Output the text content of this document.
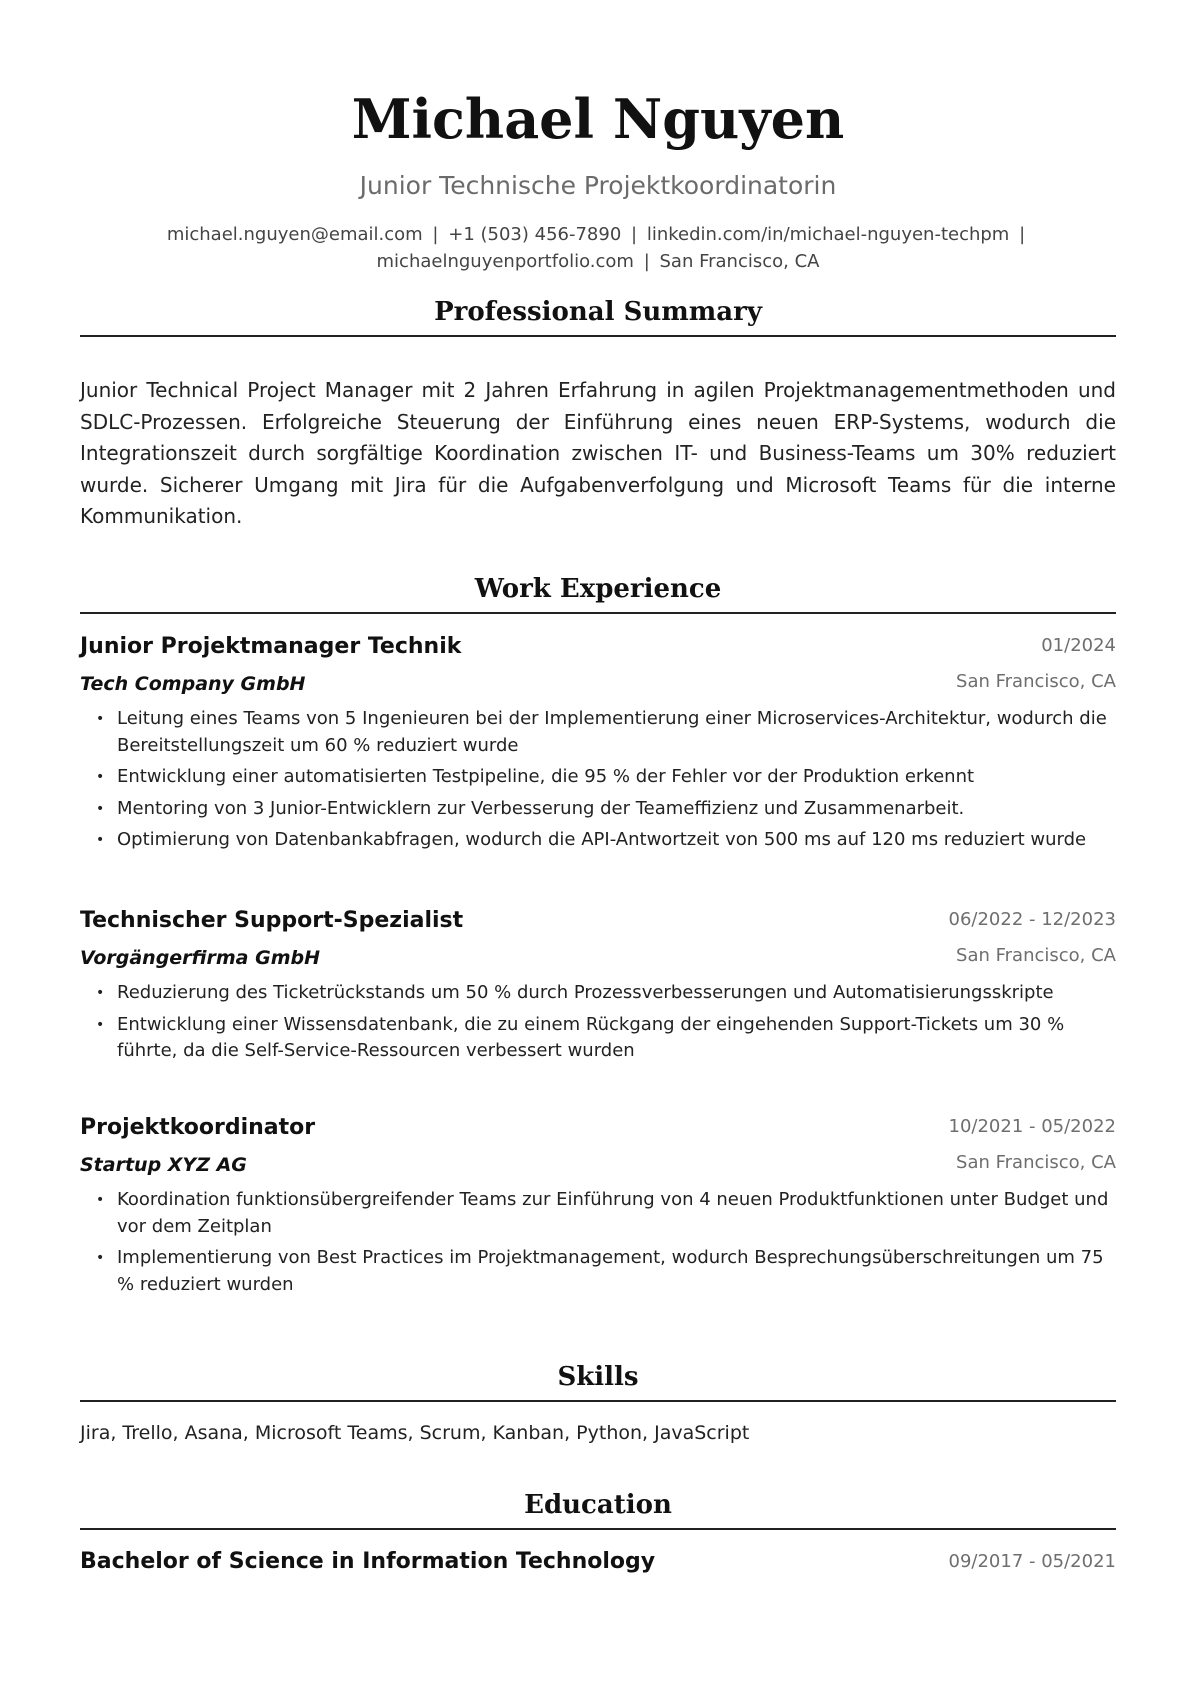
Michael Nguyen
Junior Technische Projektkoordinatorin
michael.nguyen@email.com | +1 (503) 456-7890 | linkedin.com/in/michael-nguyen-techpm |
michaelnguyenportfolio.com | San Francisco, CA
Professional Summary
Junior Technical Project Manager mit 2 Jahren Erfahrung in agilen Projektmanagementmethoden und SDLC-Prozessen. Erfolgreiche Steuerung der Einführung eines neuen ERP-Systems, wodurch die Integrationszeit durch sorgfältige Koordination zwischen IT- und Business-Teams um 30% reduziert wurde. Sicherer Umgang mit Jira für die Aufgabenverfolgung und Microsoft Teams für die interne Kommunikation.
Work Experience
Junior Projektmanager Technik	01/2024
Tech Company GmbH	San Francisco, CA
• Leitung eines Teams von 5 Ingenieuren bei der Implementierung einer Microservices-Architektur, wodurch die Bereitstellungszeit um 60 % reduziert wurde
• Entwicklung einer automatisierten Testpipeline, die 95 % der Fehler vor der Produktion erkennt
• Mentoring von 3 Junior-Entwicklern zur Verbesserung der Teameffizienz und Zusammenarbeit.
• Optimierung von Datenbankabfragen, wodurch die API-Antwortzeit von 500 ms auf 120 ms reduziert wurde
Technischer Support-Spezialist	06/2022 - 12/2023
Vorgängerfirma GmbH	San Francisco, CA
• Reduzierung des Ticketrückstands um 50 % durch Prozessverbesserungen und Automatisierungsskripte
• Entwicklung einer Wissensdatenbank, die zu einem Rückgang der eingehenden Support-Tickets um 30 % führte, da die Self-Service-Ressourcen verbessert wurden
Projektkoordinator	10/2021 - 05/2022
Startup XYZ AG	San Francisco, CA
• Koordination funktionsübergreifender Teams zur Einführung von 4 neuen Produktfunktionen unter Budget und vor dem Zeitplan
• Implementierung von Best Practices im Projektmanagement, wodurch Besprechungsüberschreitungen um 75 % reduziert wurden
Skills
Jira, Trello, Asana, Microsoft Teams, Scrum, Kanban, Python, JavaScript
Education
Bachelor of Science in Information Technology	09/2017 - 05/2021
